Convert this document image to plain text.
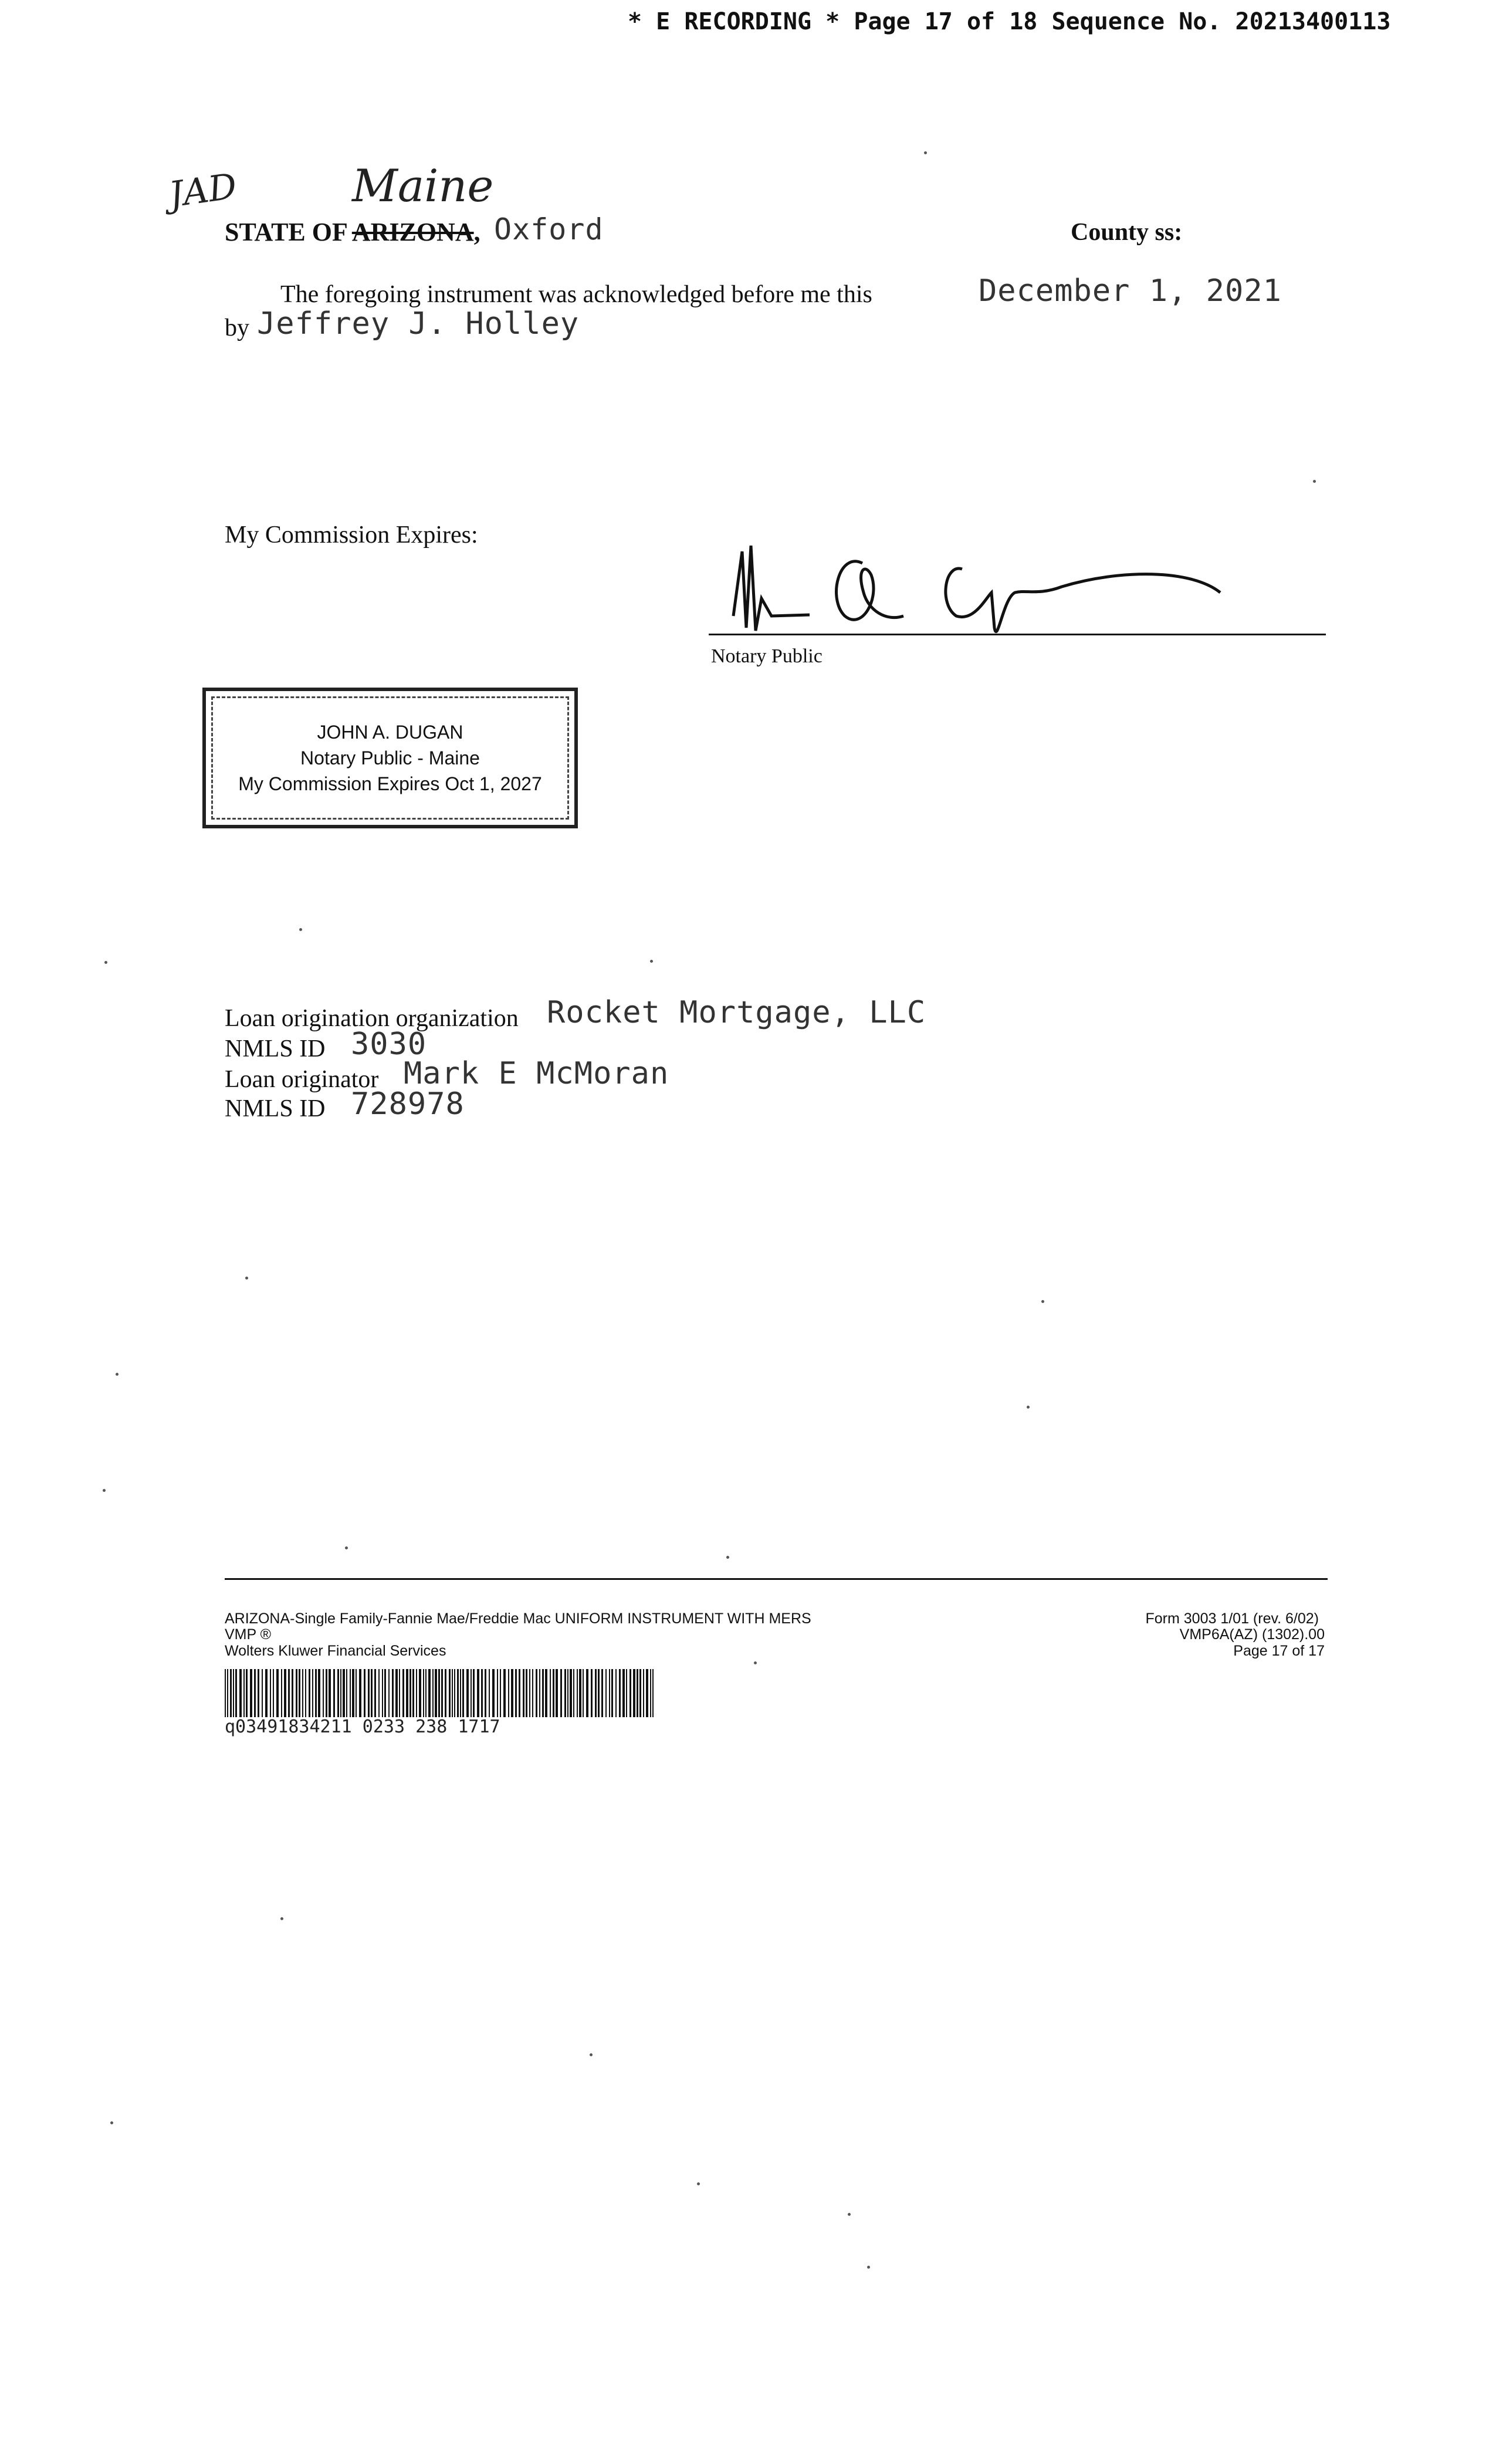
* E RECORDING * Page 17 of 18 Sequence No. 20213400113
JAD	Maine
STATE OF ARIZONA, Oxford	County ss:
The foregoing instrument was acknowledged before me this	December 1, 2021
by Jeffrey J. Holley
My Commission Expires:
Notary Public
JOHN A. DUGAN
Notary Public - Maine
My Commission Expires Oct 1, 2027
Loan origination organization Rocket Mortgage, LLC
NMLS ID 3030
Loan originator Mark E McMoran
NMLS ID 728978
ARIZONA-Single Family-Fannie Mae/Freddie Mac UNIFORM INSTRUMENT WITH MERS
VMP ®
Wolters Kluwer Financial Services
Form 3003 1/01 (rev. 6/02)
VMP6A(AZ) (1302).00
Page 17 of 17
q03491834211 0233 238 1717
